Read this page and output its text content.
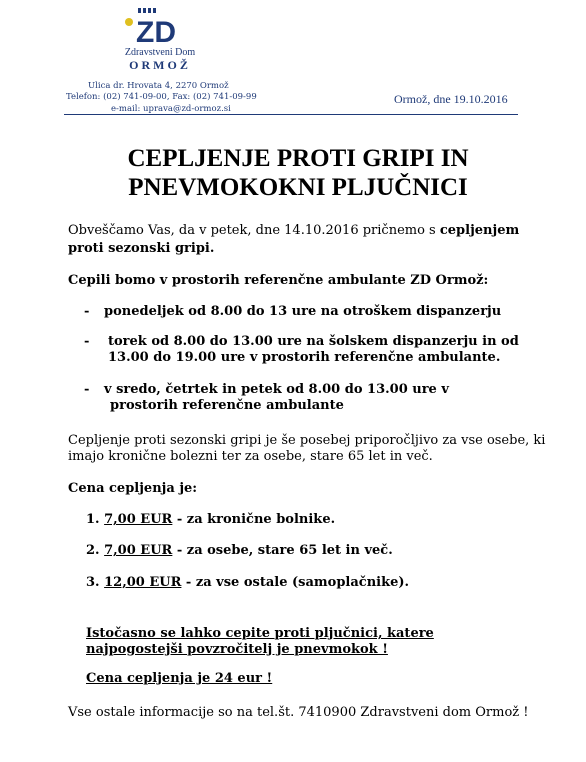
ZD
Zdravstveni Dom
ORMOŽ
Ulica dr. Hrovata 4, 2270 Ormož
Telefon: (02) 741-09-00, Fax: (02) 741-09-99
e-mail: uprava@zd-ormoz.si
Ormož, dne 19.10.2016
CEPLJENJE PROTI GRIPI IN
PNEVMOKOKNI PLJUČNICI
Obveščamo Vas, da v petek, dne 14.10.2016 pričnemo s cepljenjem
proti sezonski gripi.
Cepili bomo v prostorih referenčne ambulante ZD Ormož:
- ponedeljek od 8.00 do 13 ure na otroškem dispanzerju
- torek od 8.00 do 13.00 ure na šolskem dispanzerju in od
13.00 do 19.00 ure v prostorih referenčne ambulante.
- v sredo, četrtek in petek od 8.00 do 13.00 ure v
prostorih referenčne ambulante
Cepljenje proti sezonski gripi je še posebej priporočljivo za vse osebe, ki
imajo kronične bolezni ter za osebe, stare 65 let in več.
Cena cepljenja je:
1. 7,00 EUR - za kronične bolnike.
2. 7,00 EUR - za osebe, stare 65 let in več.
3. 12,00 EUR - za vse ostale (samoplačnike).
Istočasno se lahko cepite proti pljučnici, katere
najpogostejši povzročitelj je pnevmokok !
Cena cepljenja je 24 eur !
Vse ostale informacije so na tel.št. 7410900 Zdravstveni dom Ormož !
